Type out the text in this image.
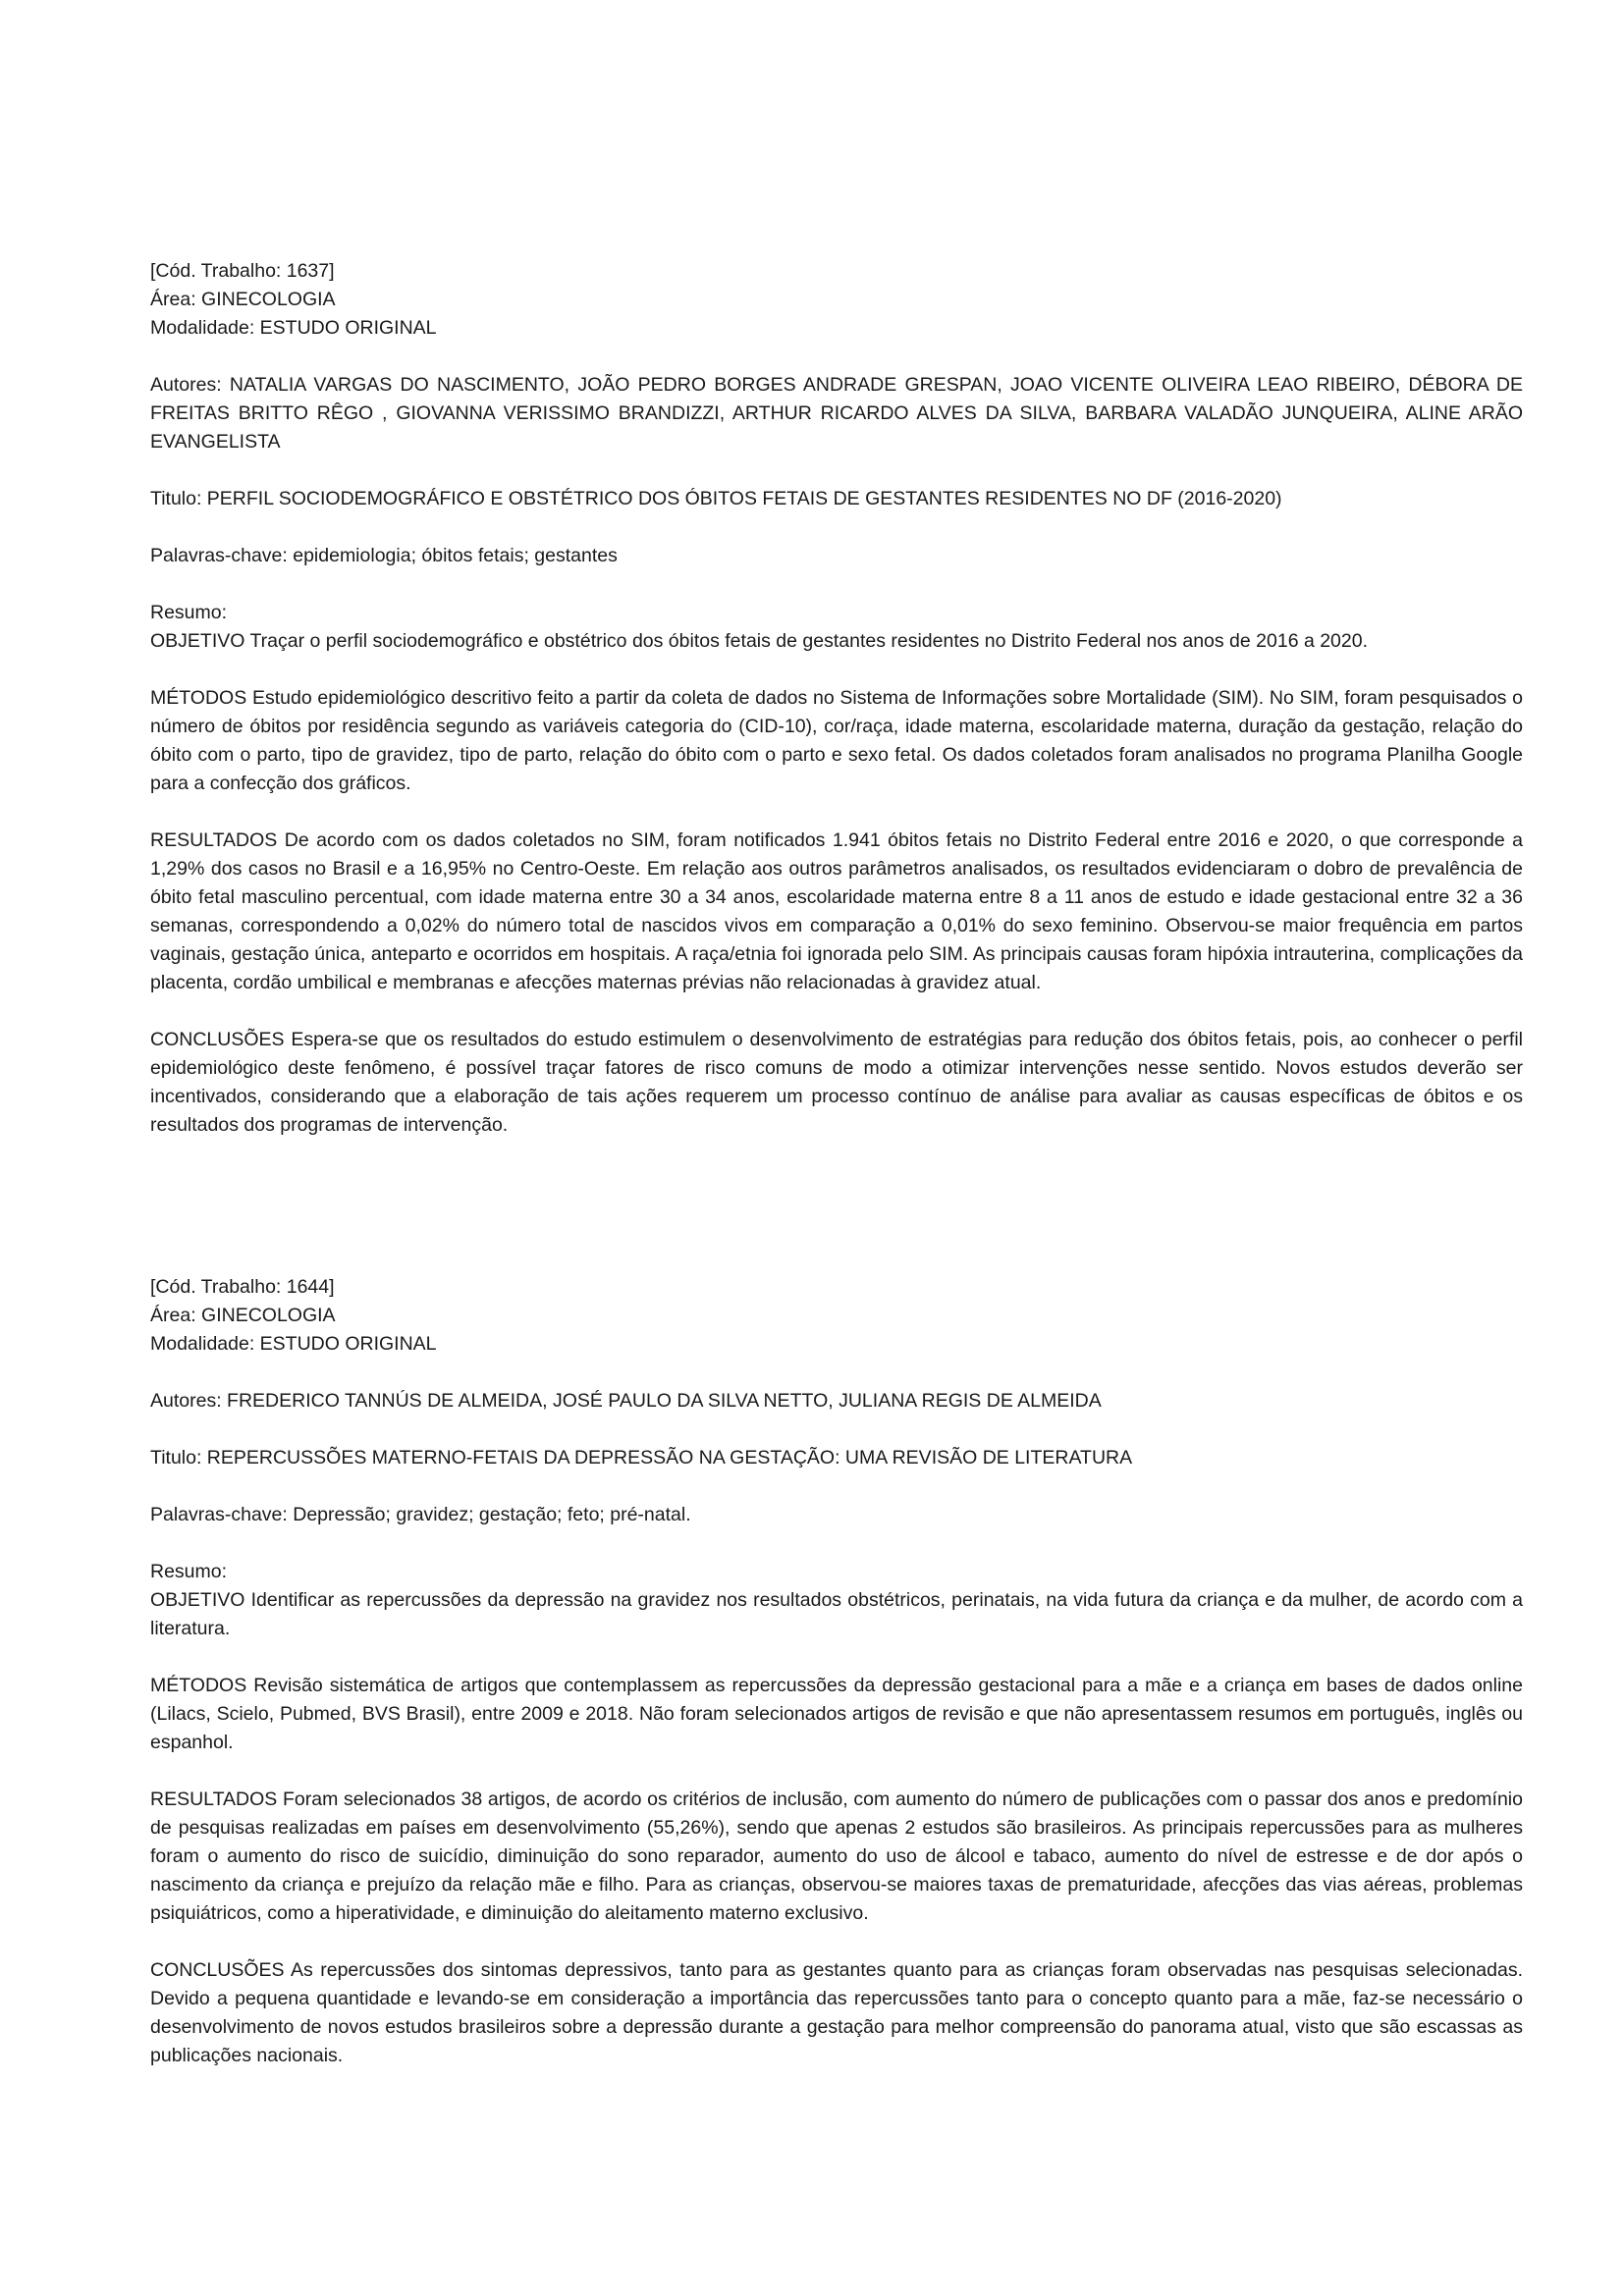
[Cód. Trabalho: 1637]
Área: GINECOLOGIA
Modalidade: ESTUDO ORIGINAL
Autores: NATALIA VARGAS DO NASCIMENTO, JOÃO PEDRO BORGES ANDRADE GRESPAN, JOAO VICENTE OLIVEIRA LEAO RIBEIRO, DÉBORA DE FREITAS BRITTO RÊGO , GIOVANNA VERISSIMO BRANDIZZI, ARTHUR RICARDO ALVES DA SILVA, BARBARA VALADÃO JUNQUEIRA, ALINE ARÃO EVANGELISTA
Titulo: PERFIL SOCIODEMOGRÁFICO E OBSTÉTRICO DOS ÓBITOS FETAIS DE GESTANTES RESIDENTES NO DF (2016-2020)
Palavras-chave: epidemiologia; óbitos fetais; gestantes
Resumo:
OBJETIVO Traçar o perfil sociodemográfico e obstétrico dos óbitos fetais de gestantes residentes no Distrito Federal nos anos de 2016 a 2020.
MÉTODOS Estudo epidemiológico descritivo feito a partir da coleta de dados no Sistema de Informações sobre Mortalidade (SIM). No SIM, foram pesquisados o número de óbitos por residência segundo as variáveis categoria do (CID-10), cor/raça, idade materna, escolaridade materna, duração da gestação, relação do óbito com o parto, tipo de gravidez, tipo de parto, relação do óbito com o parto e sexo fetal. Os dados coletados foram analisados no programa Planilha Google para a confecção dos gráficos.
RESULTADOS De acordo com os dados coletados no SIM, foram notificados 1.941 óbitos fetais no Distrito Federal entre 2016 e 2020, o que corresponde a 1,29% dos casos no Brasil e a 16,95% no Centro-Oeste. Em relação aos outros parâmetros analisados, os resultados evidenciaram o dobro de prevalência de óbito fetal masculino percentual, com idade materna entre 30 a 34 anos, escolaridade materna entre 8 a 11 anos de estudo e idade gestacional entre 32 a 36 semanas, correspondendo a 0,02% do número total de nascidos vivos em comparação a 0,01% do sexo feminino. Observou-se maior frequência em partos vaginais, gestação única, anteparto e ocorridos em hospitais. A raça/etnia foi ignorada pelo SIM. As principais causas foram hipóxia intrauterina, complicações da placenta, cordão umbilical e membranas e afecções maternas prévias não relacionadas à gravidez atual.
CONCLUSÕES Espera-se que os resultados do estudo estimulem o desenvolvimento de estratégias para redução dos óbitos fetais, pois, ao conhecer o perfil epidemiológico deste fenômeno, é possível traçar fatores de risco comuns de modo a otimizar intervenções nesse sentido. Novos estudos deverão ser incentivados, considerando que a elaboração de tais ações requerem um processo contínuo de análise para avaliar as causas específicas de óbitos e os resultados dos programas de intervenção.
[Cód. Trabalho: 1644]
Área: GINECOLOGIA
Modalidade: ESTUDO ORIGINAL
Autores: FREDERICO TANNÚS DE ALMEIDA, JOSÉ PAULO DA SILVA NETTO, JULIANA REGIS DE ALMEIDA
Titulo: REPERCUSSÕES MATERNO-FETAIS DA DEPRESSÃO NA GESTAÇÃO: UMA REVISÃO DE LITERATURA
Palavras-chave: Depressão; gravidez; gestação; feto; pré-natal.
Resumo:
OBJETIVO Identificar as repercussões da depressão na gravidez nos resultados obstétricos, perinatais, na vida futura da criança e da mulher, de acordo com a literatura.
MÉTODOS Revisão sistemática de artigos que contemplassem as repercussões da depressão gestacional para a mãe e a criança em bases de dados online (Lilacs, Scielo, Pubmed, BVS Brasil), entre 2009 e 2018. Não foram selecionados artigos de revisão e que não apresentassem resumos em português, inglês ou espanhol.
RESULTADOS Foram selecionados 38 artigos, de acordo os critérios de inclusão, com aumento do número de publicações com o passar dos anos e predomínio de pesquisas realizadas em países em desenvolvimento (55,26%), sendo que apenas 2 estudos são brasileiros. As principais repercussões para as mulheres foram o aumento do risco de suicídio, diminuição do sono reparador, aumento do uso de álcool e tabaco, aumento do nível de estresse e de dor após o nascimento da criança e prejuízo da relação mãe e filho. Para as crianças, observou-se maiores taxas de prematuridade, afecções das vias aéreas, problemas psiquiátricos, como a hiperatividade, e diminuição do aleitamento materno exclusivo.
CONCLUSÕES As repercussões dos sintomas depressivos, tanto para as gestantes quanto para as crianças foram observadas nas pesquisas selecionadas. Devido a pequena quantidade e levando-se em consideração a importância das repercussões tanto para o concepto quanto para a mãe, faz-se necessário o desenvolvimento de novos estudos brasileiros sobre a depressão durante a gestação para melhor compreensão do panorama atual, visto que são escassas as publicações nacionais.
